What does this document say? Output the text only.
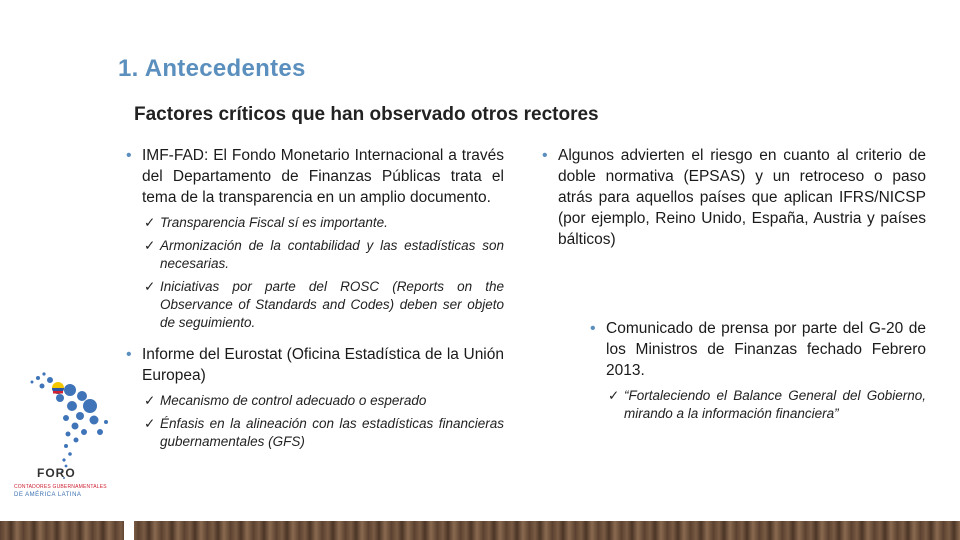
1. Antecedentes
Factores críticos que han observado otros rectores
• IMF-FAD: El Fondo Monetario Internacional a través del Departamento de Finanzas Públicas trata el tema de la transparencia en un amplio documento.
✓ Transparencia Fiscal sí es importante.
✓ Armonización de la contabilidad y las estadísticas son necesarias.
✓ Iniciativas por parte del ROSC (Reports on the Observance of Standards and Codes) deben ser objeto de seguimiento.
• Informe del Eurostat (Oficina Estadística de la Unión Europea)
✓ Mecanismo de control adecuado o esperado
✓ Énfasis en la alineación con las estadísticas financieras gubernamentales (GFS)
• Algunos advierten el riesgo en cuanto al criterio de doble normativa (EPSAS) y un retroceso o paso atrás para aquellos países que aplican IFRS/NICSP (por ejemplo, Reino Unido, España, Austria y países bálticos)
• Comunicado de prensa por parte del G-20 de los Ministros de Finanzas fechado Febrero 2013.
✓ “Fortaleciendo el Balance General del Gobierno, mirando a la información financiera”
FORO
CONTADORES GUBERNAMENTALES
DE AMÉRICA LATINA
